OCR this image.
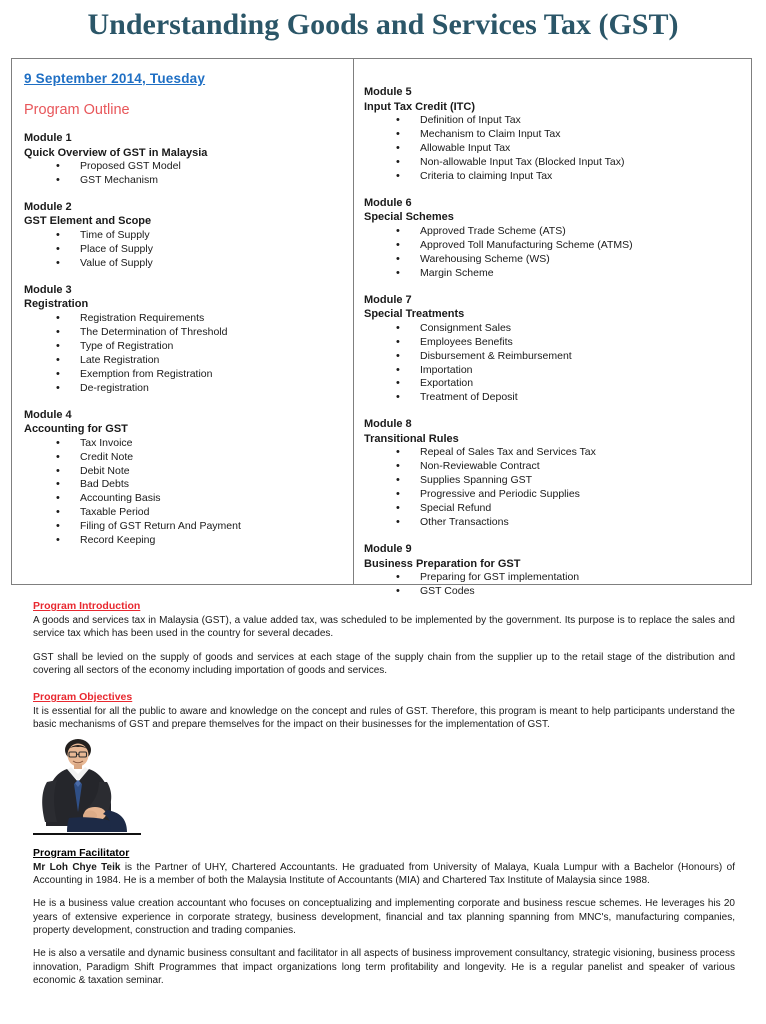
Understanding Goods and Services Tax (GST)
9 September 2014, Tuesday
Program Outline
Module 1
Quick Overview of GST in Malaysia
• Proposed GST Model
• GST Mechanism
Module 2
GST Element and Scope
• Time of Supply
• Place of Supply
• Value of Supply
Module 3
Registration
• Registration Requirements
• The Determination of Threshold
• Type of Registration
• Late Registration
• Exemption from Registration
• De-registration
Module 4
Accounting for GST
• Tax Invoice
• Credit Note
• Debit Note
• Bad Debts
• Accounting Basis
• Taxable Period
• Filing of GST Return And Payment
• Record Keeping
Module 5
Input Tax Credit (ITC)
• Definition of Input Tax
• Mechanism to Claim Input Tax
• Allowable Input Tax
• Non-allowable Input Tax (Blocked Input Tax)
• Criteria to claiming Input Tax
Module 6
Special Schemes
• Approved Trade Scheme (ATS)
• Approved Toll Manufacturing Scheme (ATMS)
• Warehousing Scheme (WS)
• Margin Scheme
Module 7
Special Treatments
• Consignment Sales
• Employees Benefits
• Disbursement & Reimbursement
• Importation
• Exportation
• Treatment of Deposit
Module 8
Transitional Rules
• Repeal of Sales Tax and Services Tax
• Non-Reviewable Contract
• Supplies Spanning GST
• Progressive and Periodic Supplies
• Special Refund
• Other Transactions
Module 9
Business Preparation for GST
• Preparing for GST implementation
• GST Codes
Program Introduction

A goods and services tax in Malaysia (GST), a value added tax, was scheduled to be implemented by the government. Its purpose is to replace the sales and service tax which has been used in the country for several decades.

GST shall be levied on the supply of goods and services at each stage of the supply chain from the supplier up to the retail stage of the distribution and covering all sectors of the economy including importation of goods and services.

Program Objectives

It is essential for all the public to aware and knowledge on the concept and rules of GST. Therefore, this program is meant to help participants understand the basic mechanisms of GST and prepare themselves for the impact on their businesses for the implementation of GST.

Program Facilitator

Mr Loh Chye Teik is the Partner of UHY, Chartered Accountants. He graduated from University of Malaya, Kuala Lumpur with a Bachelor (Honours) of Accounting in 1984. He is a member of both the Malaysia Institute of Accountants (MIA) and Chartered Tax Institute of Malaysia since 1988.

He is a business value creation accountant who focuses on conceptualizing and implementing corporate and business rescue schemes. He leverages his 20 years of extensive experience in corporate strategy, business development, financial and tax planning spanning from MNC's, manufacturing companies, property development, construction and trading companies.

He is also a versatile and dynamic business consultant and facilitator in all aspects of business improvement consultancy, strategic visioning, business process innovation, Paradigm Shift Programmes that impact organizations long term profitability and longevity. He is a regular panelist and speaker of various economic & taxation seminar.
